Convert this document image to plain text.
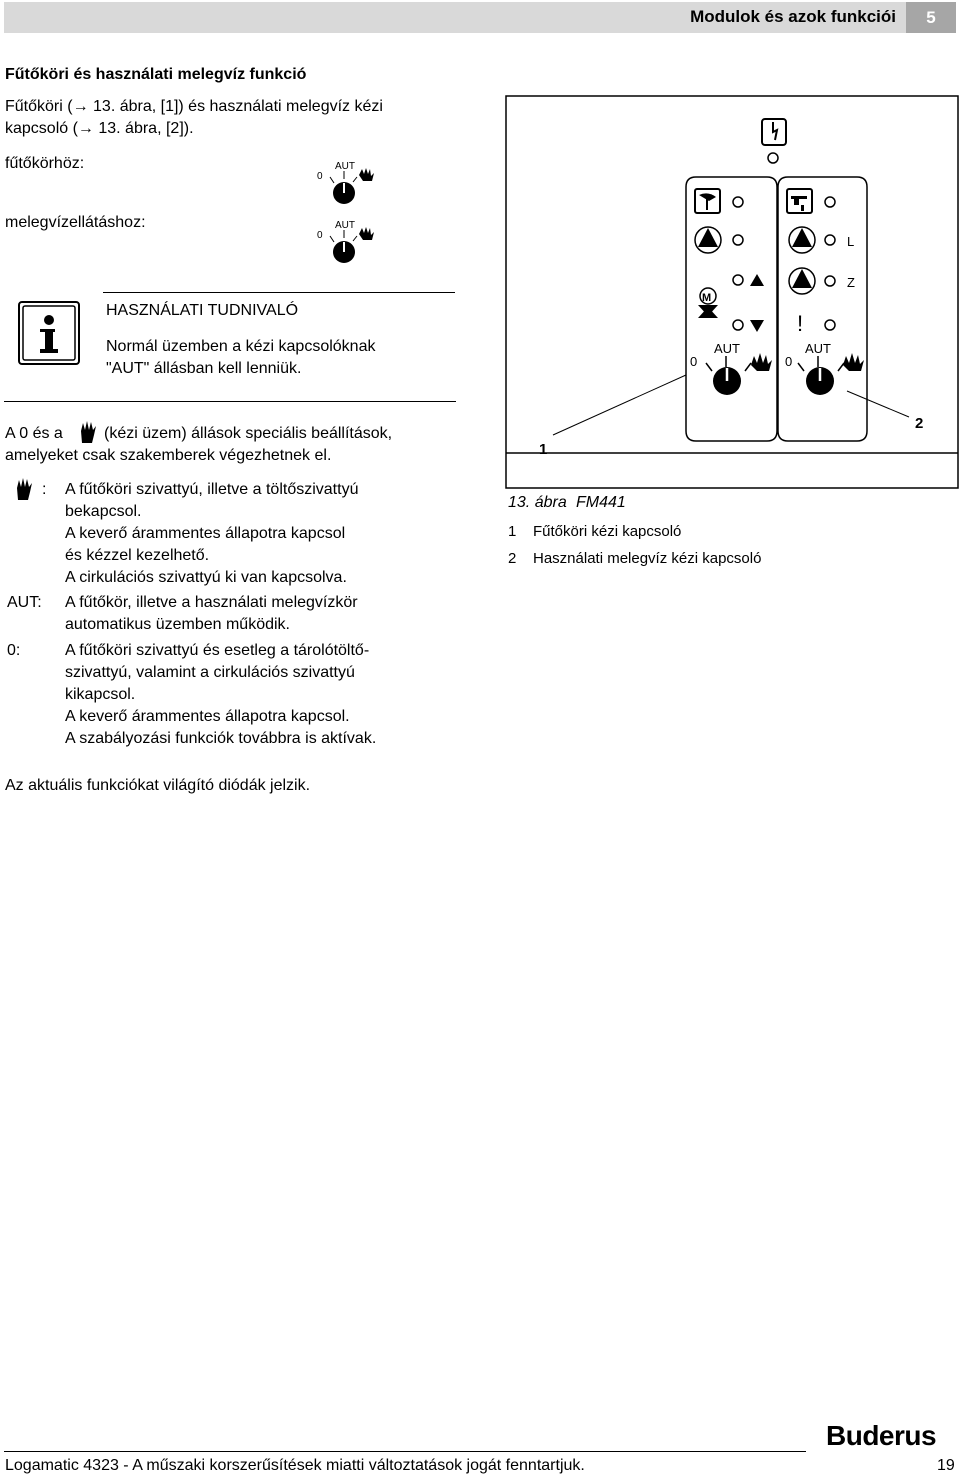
Modulok és azok funkciói	5
Fűtőköri és használati melegvíz funkció
Fűtőköri (→ 13. ábra, [1]) és használati melegvíz kézi
kapcsoló (→ 13. ábra, [2]).
fűtőkörhöz:
melegvízellátáshoz:
AUT
0
AUT
0
HASZNÁLATI TUDNIVALÓ
Normál üzemben a kézi kapcsolóknak
"AUT" állásban kell lenniük.
A 0 és a	(kézi üzem) állások speciális beállítások,
amelyeket csak szakemberek végezhetnek el.
: A fűtőköri szivattyú, illetve a töltőszivattyú
bekapcsol.
A keverő árammentes állapotra kapcsol
és kézzel kezelhető.
A cirkulációs szivattyú ki van kapcsolva.
AUT: A fűtőkör, illetve a használati melegvízkör
automatikus üzemben működik.
0:	A fűtőköri szivattyú és esetleg a tárolótöltő-
szivattyú, valamint a cirkulációs szivattyú
kikapcsol.
A keverő árammentes állapotra kapcsol.
A szabályozási funkciók továbbra is aktívak.
Az aktuális funkciókat világító diódák jelzik.
M
0
AUT
L
Z
!
0
AUT
1
2
13. ábra FM441
1 Fűtőköri kézi kapcsoló
2 Használati melegvíz kézi kapcsoló
Buderus
Logamatic 4323 - A műszaki korszerűsítések miatti változtatások jogát fenntartjuk.	19
